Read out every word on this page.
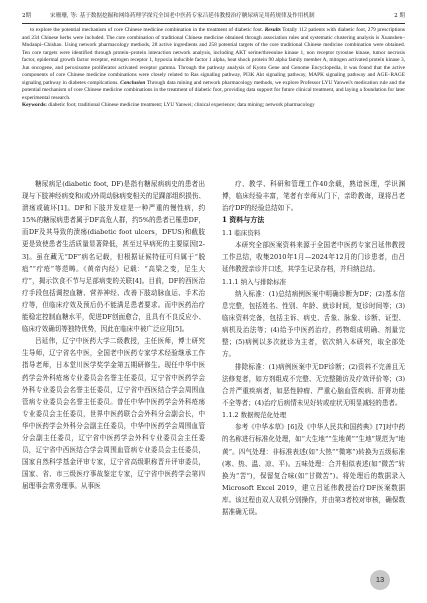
2期	宋珊珊, 等: 基于数据挖掘和网络药理学探究全国老中医药专家吕延伟教授治疗糖尿病足用药规律及作用机制	2 期

to explore the potential mechanism of core Chinese medicine combination in the treatment of diabetic foot. Results Totally 112 patients with diabetic foot, 279 prescriptions and 234 Chinese herbs were included. The core combination of traditional Chinese medicine obtained through association rules and systematic clustering analysis is Xuanshen–Mudanpi–Chishao. Using network pharmacology methods, 28 active ingredients and 258 potential targets of the core traditional Chinese medicine combination were obtained. Ten core targets were identified through protein–protein interaction network analysis, including AKT serine/threonine kinase 1, non receptor tyrosine kinase, tumor necrosis factor, epidermal growth factor receptor, estrogen receptor 1, hypoxia inducible factor 1 alpha, heat shock protein 90 alpha family member A, mitogen activated protein kinase 3, Jun oncogene, and peroxisome proliferator activated receptor gamma. Through the pathway analysis of Kyoto Gene and Genome Encyclopedia, it was found that the active components of core Chinese medicine combinations were closely related to Ras signaling pathway, PI3K Akt signaling pathway, MAPK signaling pathway and AGE–RAGE signaling pathway in diabetes complications. Conclusion Through data mining and network pharmacology methods, we explore Professor LYU Yanwei's medication rule and the potential mechanism of core Chinese medicine combinations in the treatment of diabetic foot, providing data support for future clinical treatment, and laying a foundation for later experimental research.

Keywords: diabetic foot; traditional Chinese medicine treatment; LYU Yanwei; clinical experience; data mining; network pharmacology

糖尿病足(diabetic foot, DF)是指有糖尿病病史的患者出现与下肢神经病变和(或)外周动脉病变相关的足踝部组织损伤、溃疡或破坏[1]。DF和下肢并发症是一种严重的慢性病，约15%的糖尿病患者属于DF高危人群，约5%的患者已罹患DF，而DF及其导致的溃疡(diabetic foot ulcers，DFUS)和截肢更是致使患者生活质量显著降低，甚至过早病死的主要原因[2-3]。虽在藏无“DF”病名记载，但根据证候特征可归属于“脱疽”“疔疮”等范畴。《黄帝内经》记载：“高梁之变，足生大疔”，揭示饮食不节与足部病变的关联[4]。目前，DF的西医治疗手段包括调控血糖、营养神经、改善下肢动脉血运、手术治疗等，但临床疗效及预后仍不能满足患者要求。而中医药治疗能稳定控制血糖水平，促进DF创面愈合，且具有不良反应小、临床疗效确切等独特优势，因此在临床中被广泛应用[5]。

吕延伟，辽宁中医药大学二级教授，主任医师，博士研究生导师，辽宁省名中医，全国老中医药专家学术经验继承工作指导老师，日本堂川医学奖学金第五期研修生。现任中华中医药学会外科疮疡专业委员会名誉主任委员，辽宁省中医药学会外科专业委员会名誉主任委员，辽宁省中西医结合学会周围血管病专业委员会名誉主任委员。曾任中华中医药学会外科疮疡专业委员会主任委员，世界中医药联合会外科分会副会长，中华中医药学会外科分会副主任委员，中华中医药学会周围血管分会副主任委员，辽宁省中医药学会外科专业委员会主任委员，辽宁省中西医结合学会周围血管病专业委员会主任委员，国家自然科学基金评审专家，辽宁省高级职称晋升评审委员，国家、省、市三级医疗事故鉴定专家，辽宁省中医药学会第四届理事会常务理事。从事医

疗、教学、科研和管理工作40余载，熟谙医理，学识渊博，临床经验丰富，笔者有幸师从门下，亲聆教诲，现将吕老治疗DF的经验总结如下。

1 资料与方法
1.1 临床资料

本研究全部医案资料来源于全国老中医药专家吕延伟教授工作总结，收集2010年1月—2024年12月的门诊患者，由吕延伟教授亲诊并口述，其学生记录存档，并归纳总结。

1.1.1 纳入与排除标准

纳入标准：(1)总结病例医案中明确诊断为DF；(2)基本信息完整，包括姓名、性别、年龄、就诊时间，复诊时间等；(3)临床资料完备，包括主诉、病史、舌象、脉象、诊断、证型、病机及治法等；(4)给予中医药治疗，药物组成明确、剂量完整；(5)病例以多次就诊为主者，依次纳入本研究，取全部处方。

排除标准：(1)病例医案中无DF诊断；(2)资料不完善且无法修复者，如方剂组成不完整、无完整随访及疗效评价等；(3)合并严重疾病者，如恶性肿瘤、严重心脑血管疾病、肝肾功能不全等者；(4)治疗后病情未见好转或症状无明显减轻的患者。

1.1.2 数据规范化处理

参考《中华本草》[6]及《中华人民共和国药典》[7]对中药的名称进行标准化处理，如“大生地”“生地黄”“生地”规范为“地黄”。四气处理：非标准表述(如“大热”“微寒”)转换为五级标准(寒、热、温、凉、平)。五味处理：合并相似表述(如“微苦”转换为“苦”)，保留复合味(如“甘微苦”)。将处理后的数据录入Microsoft Excel 2019，建立吕延伟教授治疗DF医案数据库。该过程由双人双机分别操作，并由第3者校对审核，确保数据准确无误。

13
